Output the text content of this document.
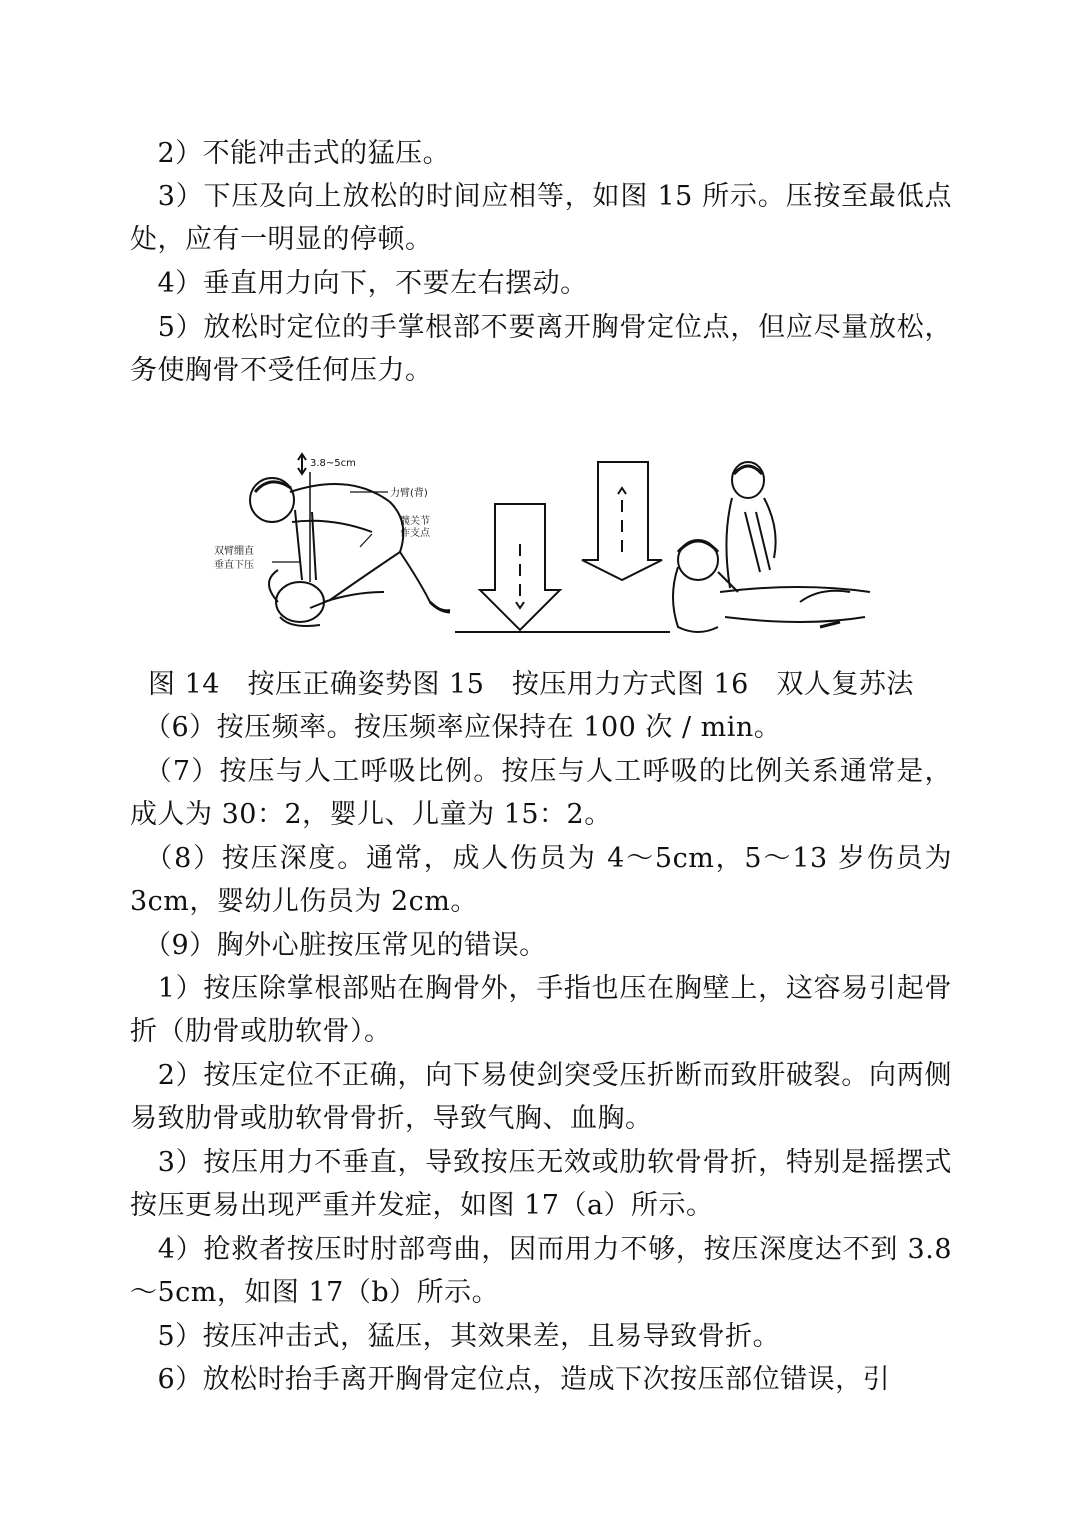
　2）不能冲击式的猛压。

　3）下压及向上放松的时间应相等，如图 15 所示。压按至最低点处，应有一明显的停顿。

　4）垂直用力向下，不要左右摆动。

　5）放松时定位的手掌根部不要离开胸骨定位点，但应尽量放松，务使胸骨不受任何压力。

3.8~5cm
力臂(背)
髋关节
作支点
双臂绷直
垂直下压

图 14　按压正确姿势图 15　按压用力方式图 16　双人复苏法

　（6）按压频率。按压频率应保持在 100 次 / min。

　（7）按压与人工呼吸比例。按压与人工呼吸的比例关系通常是，成人为 30：2，婴儿、儿童为 15：2。

　（8）按压深度。通常，成人伤员为 4～5cm，5～13 岁伤员为 3cm，婴幼儿伤员为 2cm。

　（9）胸外心脏按压常见的错误。

　1）按压除掌根部贴在胸骨外，手指也压在胸壁上，这容易引起骨折（肋骨或肋软骨）。

　2）按压定位不正确，向下易使剑突受压折断而致肝破裂。向两侧易致肋骨或肋软骨骨折，导致气胸、血胸。

　3）按压用力不垂直，导致按压无效或肋软骨骨折，特别是摇摆式按压更易出现严重并发症，如图 17（a）所示。

　4）抢救者按压时肘部弯曲，因而用力不够，按压深度达不到 3.8～5cm，如图 17（b）所示。

　5）按压冲击式，猛压，其效果差，且易导致骨折。

　6）放松时抬手离开胸骨定位点，造成下次按压部位错误，引
